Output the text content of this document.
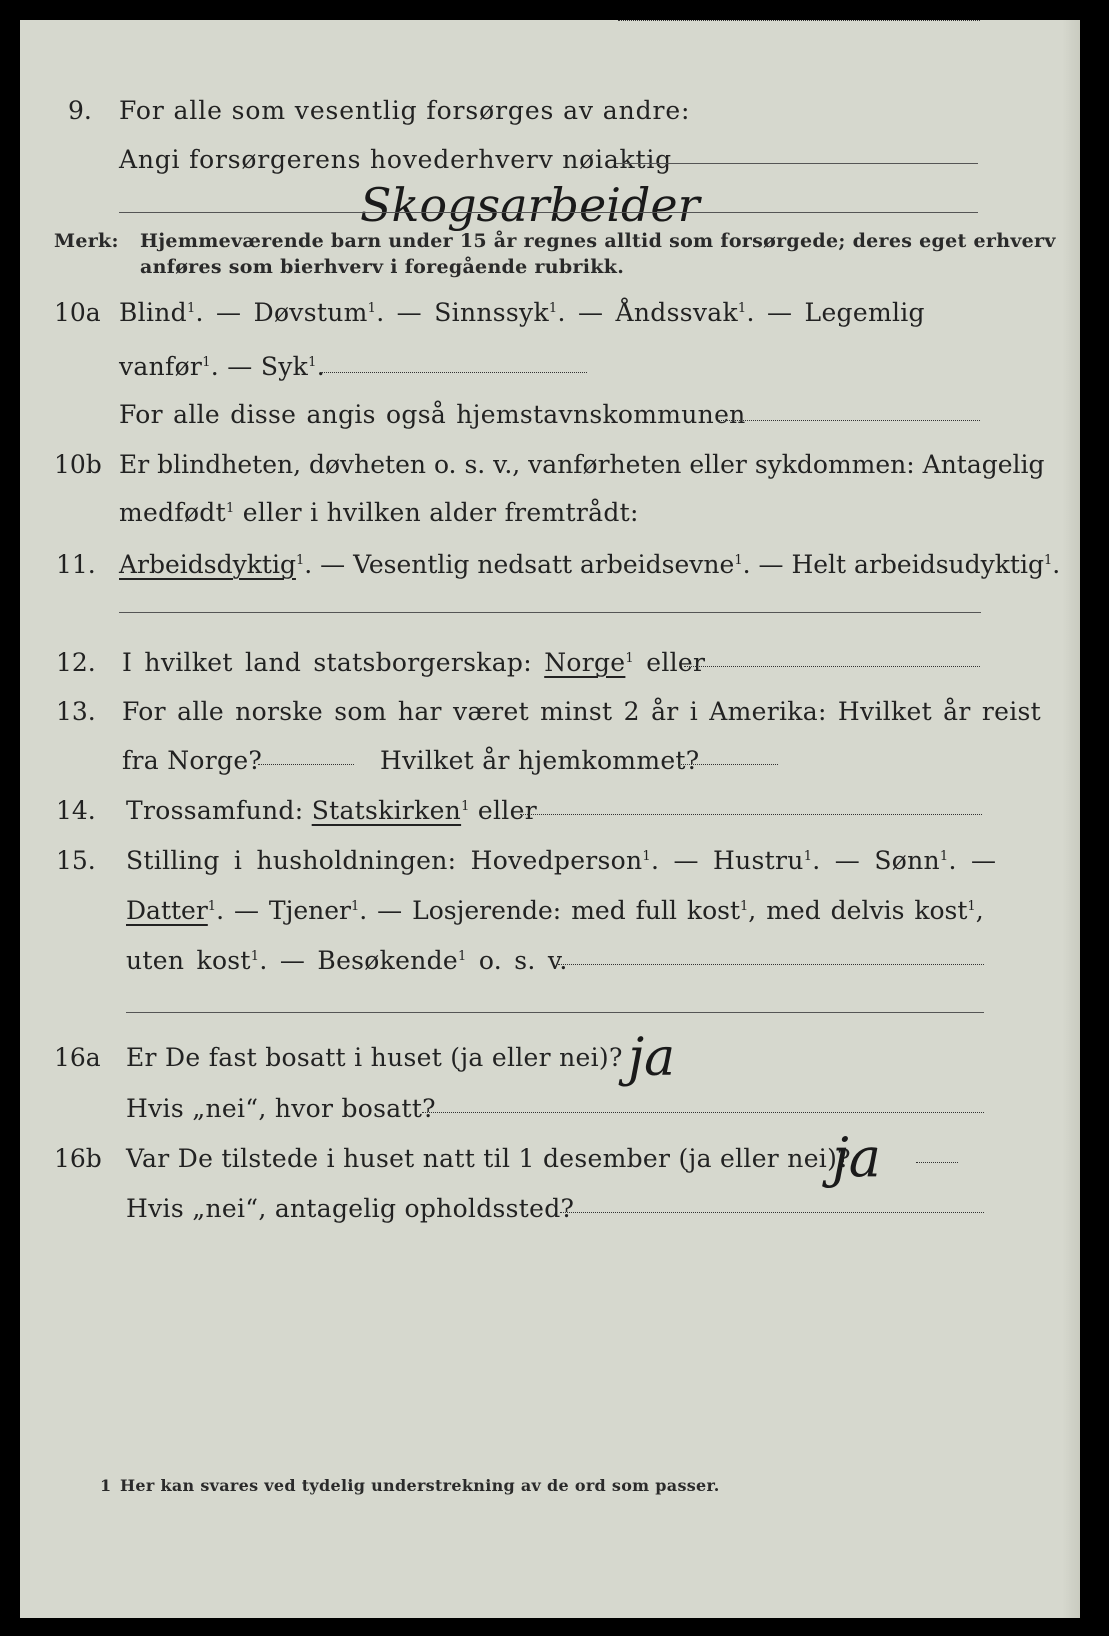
9. For alle som vesentlig forsørges av andre:
Angi forsørgerens hovederhverv nøiaktig
Skogsarbeider
Merk: Hjemmeværende barn under 15 år regnes alltid som forsørgede; deres eget erhverv
anføres som bierhverv i foregående rubrikk.
10a Blind$^1$. — Døvstum$^1$. — Sinnssyk$^1$. — Åndssvak$^1$. — Legemlig
vanfør$^1$. — Syk$^1$.
For alle disse angis også hjemstavnskommunen
10b Er blindheten, døvheten o. s. v., vanførheten eller sykdommen: Antagelig
medfødt$^1$ eller i hvilken alder fremtrådt:
11. Arbeidsdyktig$^1$. — Vesentlig nedsatt arbeidsevne$^1$. — Helt arbeidsudyktig$^1$.
12. I hvilket land statsborgerskap: Norge$^1$ eller
13. For alle norske som har været minst 2 år i Amerika: Hvilket år reist
fra Norge?	Hvilket år hjemkommet?
14. Trossamfund: Statskirken$^1$ eller
15. Stilling i husholdningen: Hovedperson$^1$. — Hustru$^1$. — Sønn$^1$. —
Datter$^1$. — Tjener$^1$. — Losjerende: med full kost$^1$, med delvis kost$^1$,
uten kost$^1$. — Besøkende$^1$ o. s. v.
16a Er De fast bosatt i huset (ja eller nei)? ja
Hvis „nei“, hvor bosatt?
16b Var De tilstede i huset natt til 1 desember (ja eller nei)?
ja
Hvis „nei“, antagelig opholdssted?
1 Her kan svares ved tydelig understrekning av de ord som passer.
